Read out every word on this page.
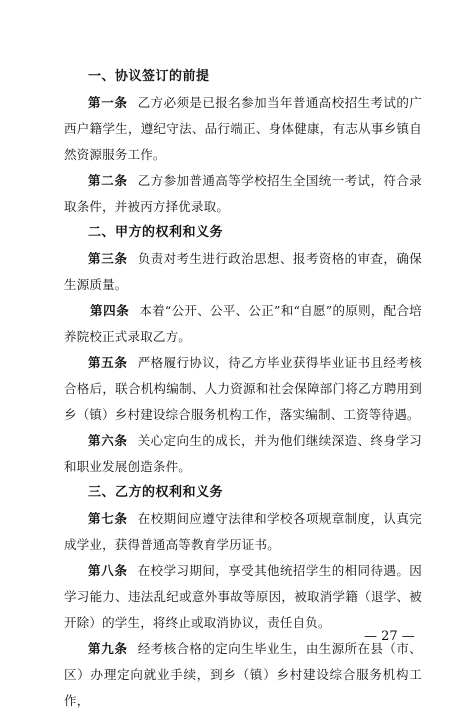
一、协议签订的前提

第一条 乙方必须是已报名参加当年普通高校招生考试的广西户籍学生，遵纪守法、品行端正、身体健康，有志从事乡镇自然资源服务工作。

第二条 乙方参加普通高等学校招生全国统一考试，符合录取条件，并被丙方择优录取。

二、甲方的权利和义务

第三条 负责对考生进行政治思想、报考资格的审查，确保生源质量。

第四条 本着“公开、公平、公正”和“自愿”的原则，配合培养院校正式录取乙方。

第五条 严格履行协议，待乙方毕业获得毕业证书且经考核合格后，联合机构编制、人力资源和社会保障部门将乙方聘用到乡（镇）乡村建设综合服务机构工作，落实编制、工资等待遇。

第六条 关心定向生的成长，并为他们继续深造、终身学习和职业发展创造条件。

三、乙方的权利和义务

第七条 在校期间应遵守法律和学校各项规章制度，认真完成学业，获得普通高等教育学历证书。

第八条 在校学习期间，享受其他统招学生的相同待遇。因学习能力、违法乱纪或意外事故等原因，被取消学籍（退学、被开除）的学生，将终止或取消协议，责任自负。

第九条 经考核合格的定向生毕业生，由生源所在县（市、区）办理定向就业手续，到乡（镇）乡村建设综合服务机构工作，

— 27 —
